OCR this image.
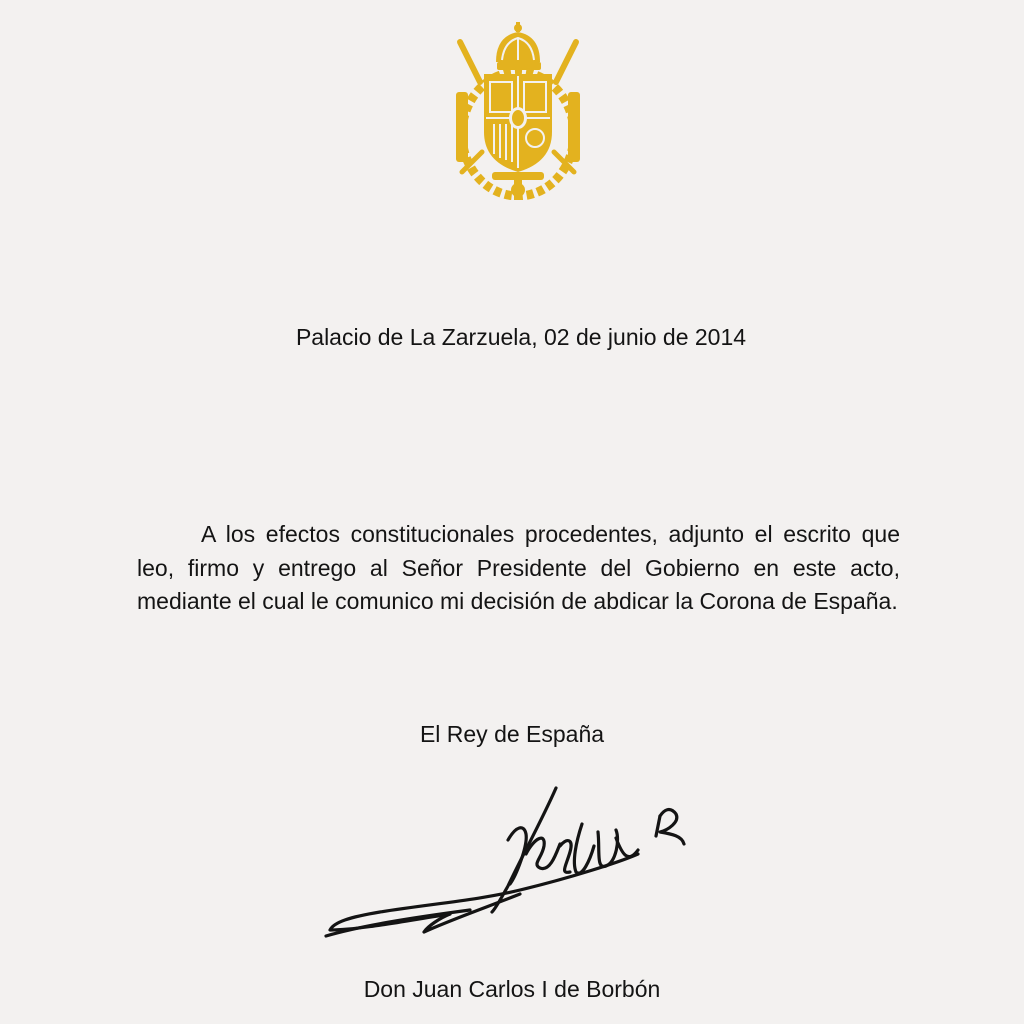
Palacio de La Zarzuela, 02 de junio de 2014

A los efectos constitucionales procedentes, adjunto el escrito que leo, firmo y entrego al Señor Presidente del Gobierno en este acto, mediante el cual le comunico mi decisión de abdicar la Corona de España.

El Rey de España
Don Juan Carlos I de Borbón
